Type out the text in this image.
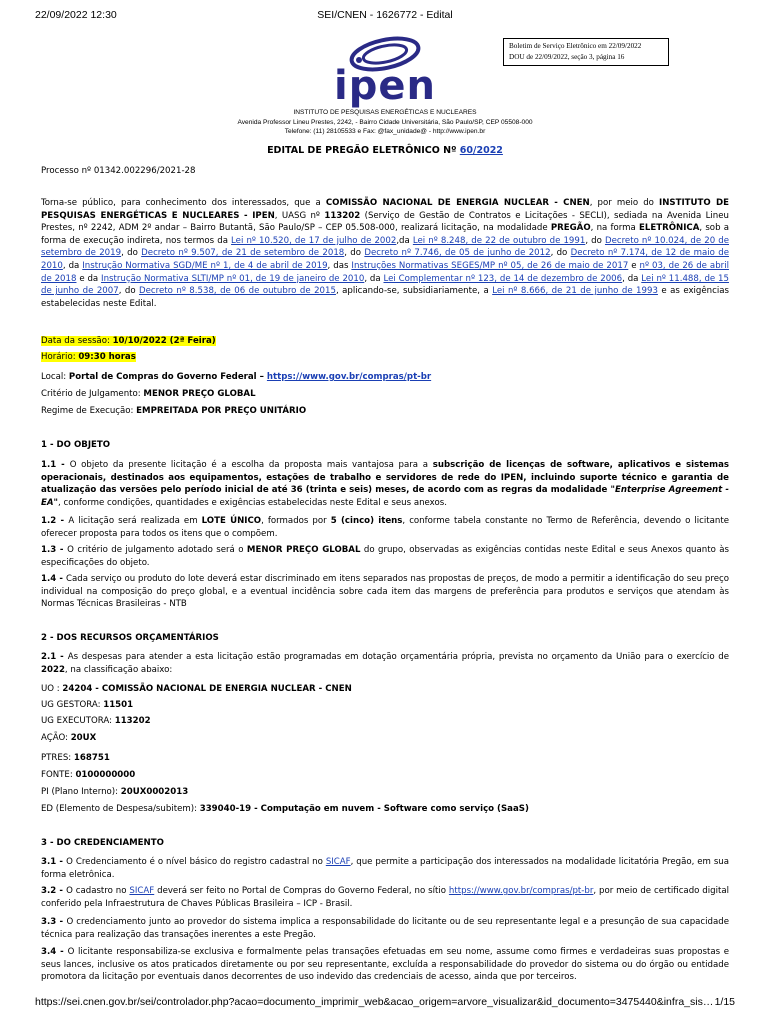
22/09/2022 12:30	SEI/CNEN - 1626772 - Edital
ipen
Boletim de Serviço Eletrônico em 22/09/2022
DOU de 22/09/2022, seção 3, página 16
INSTITUTO DE PESQUISAS ENERGÉTICAS E NUCLEARES
Avenida Professor Lineu Prestes, 2242, - Bairro Cidade Universitária, São Paulo/SP, CEP 05508-000
Telefone: (11) 28105533 e Fax: @fax_unidade@ - http://www.ipen.br
EDITAL DE PREGÃO ELETRÔNICO Nº 60/2022
Processo nº 01342.002296/2021-28
Torna-se público, para conhecimento dos interessados, que a COMISSÃO NACIONAL DE ENERGIA NUCLEAR - CNEN, por meio do INSTITUTO DE PESQUISAS ENERGÉTICAS E NUCLEARES - IPEN, UASG nº 113202 (Serviço de Gestão de Contratos e Licitações - SECLI), sediada na Avenida Lineu Prestes, nº 2242, ADM 2º andar – Bairro Butantã, São Paulo/SP – CEP 05.508-000, realizará licitação, na modalidade PREGÃO, na forma ELETRÔNICA, sob a forma de execução indireta, nos termos da Lei nº 10.520, de 17 de julho de 2002,da Lei nº 8.248, de 22 de outubro de 1991, do Decreto nº 10.024, de 20 de setembro de 2019, do Decreto nº 9.507, de 21 de setembro de 2018, do Decreto nº 7.746, de 05 de junho de 2012, do Decreto nº 7.174, de 12 de maio de 2010, da Instrução Normativa SGD/ME nº 1, de 4 de abril de 2019, das Instruções Normativas SEGES/MP nº 05, de 26 de maio de 2017 e nº 03, de 26 de abril de 2018 e da Instrução Normativa SLTI/MP nº 01, de 19 de janeiro de 2010, da Lei Complementar nº 123, de 14 de dezembro de 2006, da Lei nº 11.488, de 15 de junho de 2007, do Decreto nº 8.538, de 06 de outubro de 2015, aplicando-se, subsidiariamente, a Lei nº 8.666, de 21 de junho de 1993 e as exigências estabelecidas neste Edital.
Data da sessão: 10/10/2022 (2ª Feira)
Horário: 09:30 horas
Local: Portal de Compras do Governo Federal – https://www.gov.br/compras/pt-br
Critério de Julgamento: MENOR PREÇO GLOBAL
Regime de Execução: EMPREITADA POR PREÇO UNITÁRIO
1 - DO OBJETO
1.1 - O objeto da presente licitação é a escolha da proposta mais vantajosa para a subscrição de licenças de software, aplicativos e sistemas operacionais, destinados aos equipamentos, estações de trabalho e servidores de rede do IPEN, incluindo suporte técnico e garantia de atualização das versões pelo período inicial de até 36 (trinta e seis) meses, de acordo com as regras da modalidade "Enterprise Agreement - EA", conforme condições, quantidades e exigências estabelecidas neste Edital e seus anexos.
1.2 - A licitação será realizada em LOTE ÚNICO, formados por 5 (cinco) itens, conforme tabela constante no Termo de Referência, devendo o licitante oferecer proposta para todos os itens que o compõem.
1.3 - O critério de julgamento adotado será o MENOR PREÇO GLOBAL do grupo, observadas as exigências contidas neste Edital e seus Anexos quanto às especificações do objeto.
1.4 - Cada serviço ou produto do lote deverá estar discriminado em itens separados nas propostas de preços, de modo a permitir a identificação do seu preço individual na composição do preço global, e a eventual incidência sobre cada item das margens de preferência para produtos e serviços que atendam às Normas Técnicas Brasileiras - NTB
2 - DOS RECURSOS ORÇAMENTÁRIOS
2.1 - As despesas para atender a esta licitação estão programadas em dotação orçamentária própria, prevista no orçamento da União para o exercício de 2022, na classificação abaixo:
UO : 24204 - COMISSÃO NACIONAL DE ENERGIA NUCLEAR - CNEN
UG GESTORA: 11501
UG EXECUTORA: 113202
AÇÃO: 20UX
PTRES: 168751
FONTE: 0100000000
PI (Plano Interno): 20UX0002013
ED (Elemento de Despesa/subitem): 339040-19 - Computação em nuvem - Software como serviço (SaaS)
3 - DO CREDENCIAMENTO
3.1 - O Credenciamento é o nível básico do registro cadastral no SICAF, que permite a participação dos interessados na modalidade licitatória Pregão, em sua forma eletrônica.
3.2 - O cadastro no SICAF deverá ser feito no Portal de Compras do Governo Federal, no sítio https://www.gov.br/compras/pt-br, por meio de certificado digital conferido pela Infraestrutura de Chaves Públicas Brasileira – ICP - Brasil.
3.3 - O credenciamento junto ao provedor do sistema implica a responsabilidade do licitante ou de seu representante legal e a presunção de sua capacidade técnica para realização das transações inerentes a este Pregão.
3.4 - O licitante responsabiliza-se exclusiva e formalmente pelas transações efetuadas em seu nome, assume como firmes e verdadeiras suas propostas e seus lances, inclusive os atos praticados diretamente ou por seu representante, excluída a responsabilidade do provedor do sistema ou do órgão ou entidade promotora da licitação por eventuais danos decorrentes de uso indevido das credenciais de acesso, ainda que por terceiros.
https://sei.cnen.gov.br/sei/controlador.php?acao=documento_imprimir_web&acao_origem=arvore_visualizar&id_documento=3475440&infra_sis… 1/15
